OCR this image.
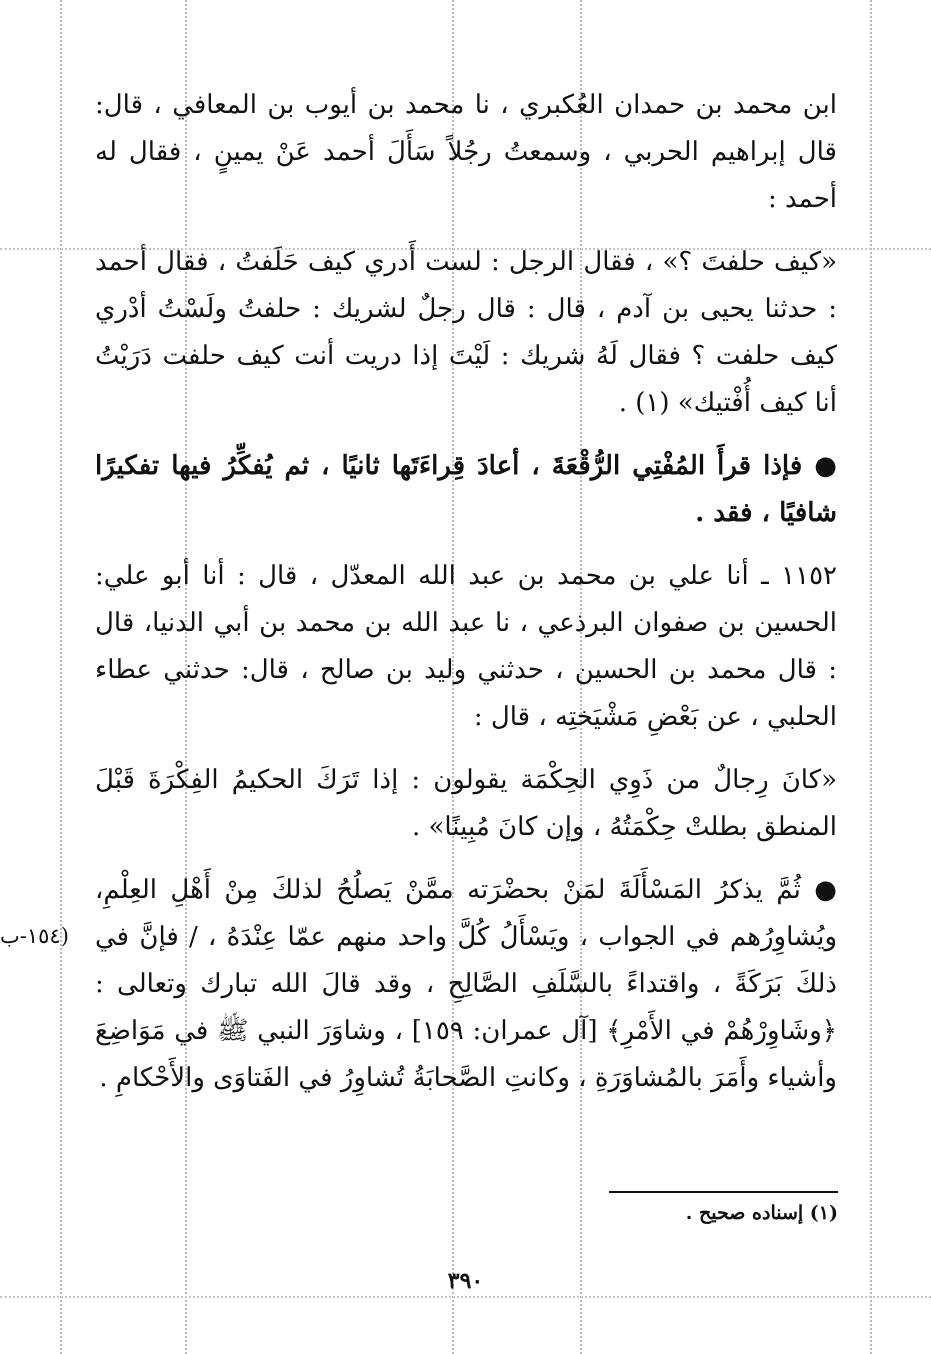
ابن محمد بن حمدان العُكبري ، نا محمد بن أيوب بن المعافي ، قال: قال إبراهيم الحربي ، وسمعتُ رجُلاً سَأَلَ أحمد عَنْ يمينٍ ، فقال له أحمد :

«كيف حلفتَ ؟» ، فقال الرجل : لست أَدري كيف حَلَفتُ ، فقال أحمد : حدثنا يحيى بن آدم ، قال : قال رجلٌ لشريك : حلفتُ ولَسْتُ أدْري كيف حلفت ؟ فقال لَهُ شريك : لَيْتَ إذا دريت أنت كيف حلفت دَرَيْتُ أنا كيف أُفْتيك» (١) .

● فإذا قرأَ المُفْتِي الرُّقْعَةَ ، أعادَ قِراءَتَها ثانيًا ، ثم يُفكِّرُ فيها تفكيرًا شافيًا ، فقد .

١١٥٢ ـ أنا علي بن محمد بن عبد الله المعدّل ، قال : أنا أبو علي: الحسين بن صفوان البرذعي ، نا عبد الله بن محمد بن أبي الدنيا، قال : قال محمد بن الحسين ، حدثني وليد بن صالح ، قال: حدثني عطاء الحلبي ، عن بَعْضِ مَشْيَختِه ، قال :

«كانَ رِجالٌ من ذَوِي الحِكْمَة يقولون : إذا تَرَكَ الحكيمُ الفِكْرَةَ قَبْلَ المنطق بطلتْ حِكْمَتُهُ ، وإن كانَ مُبِينًا» .

● ثُمَّ يذكرُ المَسْأَلَةَ لمَنْ بحضْرَته ممَّنْ يَصلُحُ لذلكَ مِنْ أَهْلِ العِلْمِ، ويُشاوِرُهم في الجواب ، ويَسْأَلُ كُلَّ واحد منهم عمّا عِنْدَهُ ، / فإنَّ في ذلكَ بَرَكَةً ، واقتداءً بالسَّلَفِ الصَّالِحِ ، وقد قالَ الله تبارك وتعالى : ﴿وشَاوِرْهُمْ في الأَمْرِ﴾ [آل عمران: ١٥٩] ، وشاوَرَ النبي ﷺ في مَوَاضِعَ وأشياء وأَمَرَ بالمُشاوَرَةِ ، وكانتِ الصَّحابَةُ تُشاوِرُ في الفَتاوَى والأَحْكامِ .

(١٥٤-ب
(١) إسناده صحيح .
٣٩٠
